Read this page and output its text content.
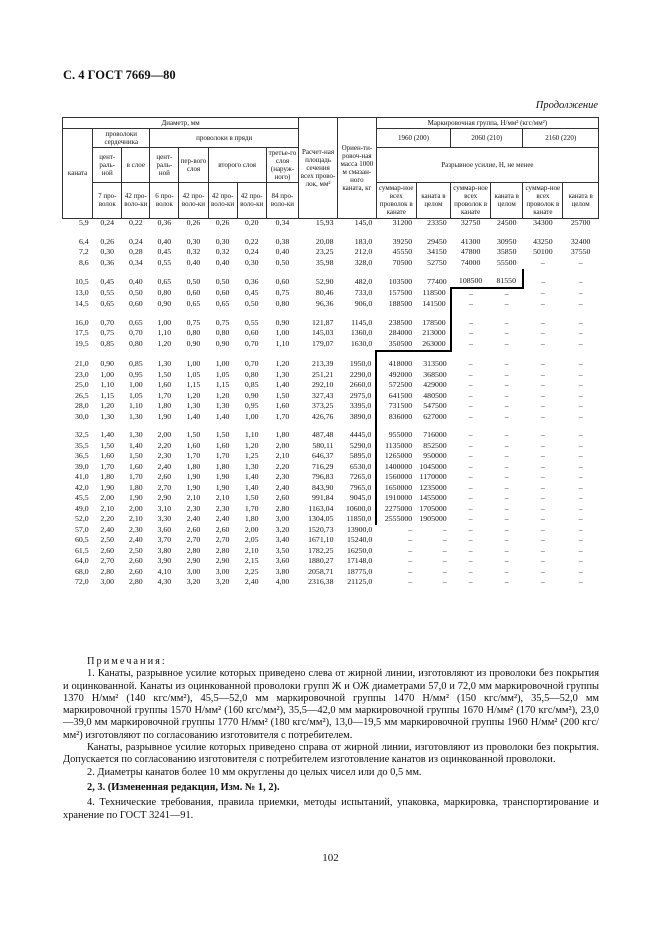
С. 4 ГОСТ 7669—80
Продолжение
Диаметр, мм								Расчет-ная площадь сечения всех прово-лок, мм²	Ориен-ти-ровоч-ная масса 1000 м смазан-ного каната, кг	Маркировочная группа, Н/мм² (кгс/мм²)					
каната	проволоки сердечника		проволоки в пряди							1960 (200)		2060 (210)		2160 (220)	
	цент-раль-ной	в слое	цент-раль-ной	пер-вого слоя	второго слоя		третье-го слоя (наруж-ного)			Разрывное усилие, Н, не менее					
	7 про-волок	42 про-воло-ки	6 про-волок	42 про-воло-ки	42 про-воло-ки	42 про-воло-ки	84 про-воло-ки			суммар-ное всех проволок в канате	каната в целом	суммар-ное всех проволок в канате	каната в целом	суммар-ное всех проволок в канате	каната в целом
5,9	0,24	0,22	0,36	0,26	0,26	0,20	0,34	15,93	145,0	31200	23350	32750	24500	34300	25700

6,4	0,26	0,24	0,40	0,30	0,30	0,22	0,38	20,08	183,0	39250	29450	41300	30950	43250	32400
7,2	0,30	0,28	0,45	0,32	0,32	0,24	0,40	23,25	212,0	45550	34150	47800	35850	50100	37550
8,6	0,36	0,34	0,55	0,40	0,40	0,30	0,50	35,98	328,0	70500	52750	74000	55500	–	–

10,5	0,45	0,40	0,65	0,50	0,50	0,36	0,60	52,90	482,0	103500	77400	108500	81550	–	–
13,0	0,55	0,50	0,80	0,60	0,60	0,45	0,75	80,46	733,0	157500	118500	–	–	–	–
14,5	0,65	0,60	0,90	0,65	0,65	0,50	0,80	96,36	906,0	188500	141500	–	–	–	–

16,0	0,70	0,65	1,00	0,75	0,75	0,55	0,90	121,87	1145,0	238500	178500	–	–	–	–
17,5	0,75	0,70	1,10	0,80	0,80	0,60	1,00	145,03	1360,0	284000	213000	–	–	–	–
19,5	0,85	0,80	1,20	0,90	0,90	0,70	1,10	179,07	1630,0	350500	263000	–	–	–	–

21,0	0,90	0,85	1,30	1,00	1,00	0,70	1,20	213,39	1950,0	418000	313500	–	–	–	–
23,0	1,00	0,95	1,50	1,05	1,05	0,80	1,30	251,21	2290,0	492000	368500	–	–	–	–
25,0	1,10	1,00	1,60	1,15	1,15	0,85	1,40	292,10	2660,0	572500	429000	–	–	–	–
26,5	1,15	1,05	1,70	1,20	1,20	0,90	1,50	327,43	2975,0	641500	480500	–	–	–	–
28,0	1,20	1,10	1,80	1,30	1,30	0,95	1,60	373,25	3395,0	731500	547500	–	–	–	–
30,0	1,30	1,30	1,90	1,40	1,40	1,00	1,70	426,76	3890,0	836000	627000	–	–	–	–

32,5	1,40	1,30	2,00	1,50	1,50	1,10	1,80	487,48	4445,0	955000	716000	–	–	–	–
35,5	1,50	1,40	2,20	1,60	1,60	1,20	2,00	580,11	5290,0	1135000	852500	–	–	–	–
36,5	1,60	1,50	2,30	1,70	1,70	1,25	2,10	646,37	5895,0	1265000	950000	–	–	–	–
39,0	1,70	1,60	2,40	1,80	1,80	1,30	2,20	716,29	6530,0	1400000	1045000	–	–	–	–
41,0	1,80	1,70	2,60	1,90	1,90	1,40	2,30	796,83	7265,0	1560000	1170000	–	–	–	–
42,0	1,90	1,80	2,70	1,90	1,90	1,40	2,40	843,90	7965,0	1650000	1235000	–	–	–	–
45,5	2,00	1,90	2,90	2,10	2,10	1,50	2,60	991,84	9045,0	1910000	1455000	–	–	–	–
49,0	2,10	2,00	3,10	2,30	2,30	1,70	2,80	1163,04	10600,0	2275000	1705000	–	–	–	–
52,0	2,20	2,10	3,30	2,40	2,40	1,80	3,00	1304,05	11850,0	2555000	1905000	–	–	–	–
57,0	2,40	2,30	3,60	2,60	2,60	2,00	3,20	1520,73	13900,0	–	–	–	–	–	–
60,5	2,50	2,40	3,70	2,70	2,70	2,05	3,40	1671,10	15240,0	–	–	–	–	–	–
61,5	2,60	2,50	3,80	2,80	2,80	2,10	3,50	1782,25	16250,0	–	–	–	–	–	–
64,0	2,70	2,60	3,90	2,90	2,90	2,15	3,60	1880,27	17148,0	–	–	–	–	–	–
68,0	2,80	2,60	4,10	3,00	3,00	2,25	3,80	2058,71	18775,0	–	–	–	–	–	–
72,0	3,00	2,80	4,30	3,20	3,20	2,40	4,00	2316,38	21125,0	–	–	–	–	–	–

Примечания:

1. Канаты, разрывное усилие которых приведено слева от жирной линии, изготовляют из проволоки без покрытия и оцинкованной. Канаты из оцинкованной проволоки групп Ж и ОЖ диаметрами 57,0 и 72,0 мм маркировочной группы 1370 Н/мм² (140 кгс/мм²), 45,5—52,0 мм маркировочной группы 1470 Н/мм² (150 кгс/мм²), 35,5—52,0 мм маркировочной группы 1570 Н/мм² (160 кгс/мм²), 35,5—42,0 мм маркировочной группы 1670 Н/мм² (170 кгс/мм²), 23,0—39,0 мм маркировочной группы 1770 Н/мм² (180 кгс/мм²), 13,0—19,5 мм маркировочной группы 1960 Н/мм² (200 кгс/мм²) изготовляют по согласованию изготовителя с потребителем.

Канаты, разрывное усилие которых приведено справа от жирной линии, изготовляют из проволоки без покрытия. Допускается по согласованию изготовителя с потребителем изготовление канатов из оцинкованной проволоки.

2. Диаметры канатов более 10 мм округлены до целых чисел или до 0,5 мм.

2, 3. (Измененная редакция, Изм. № 1, 2).

4. Технические требования, правила приемки, методы испытаний, упаковка, маркировка, транспортирование и хранение по ГОСТ 3241—91.

102
